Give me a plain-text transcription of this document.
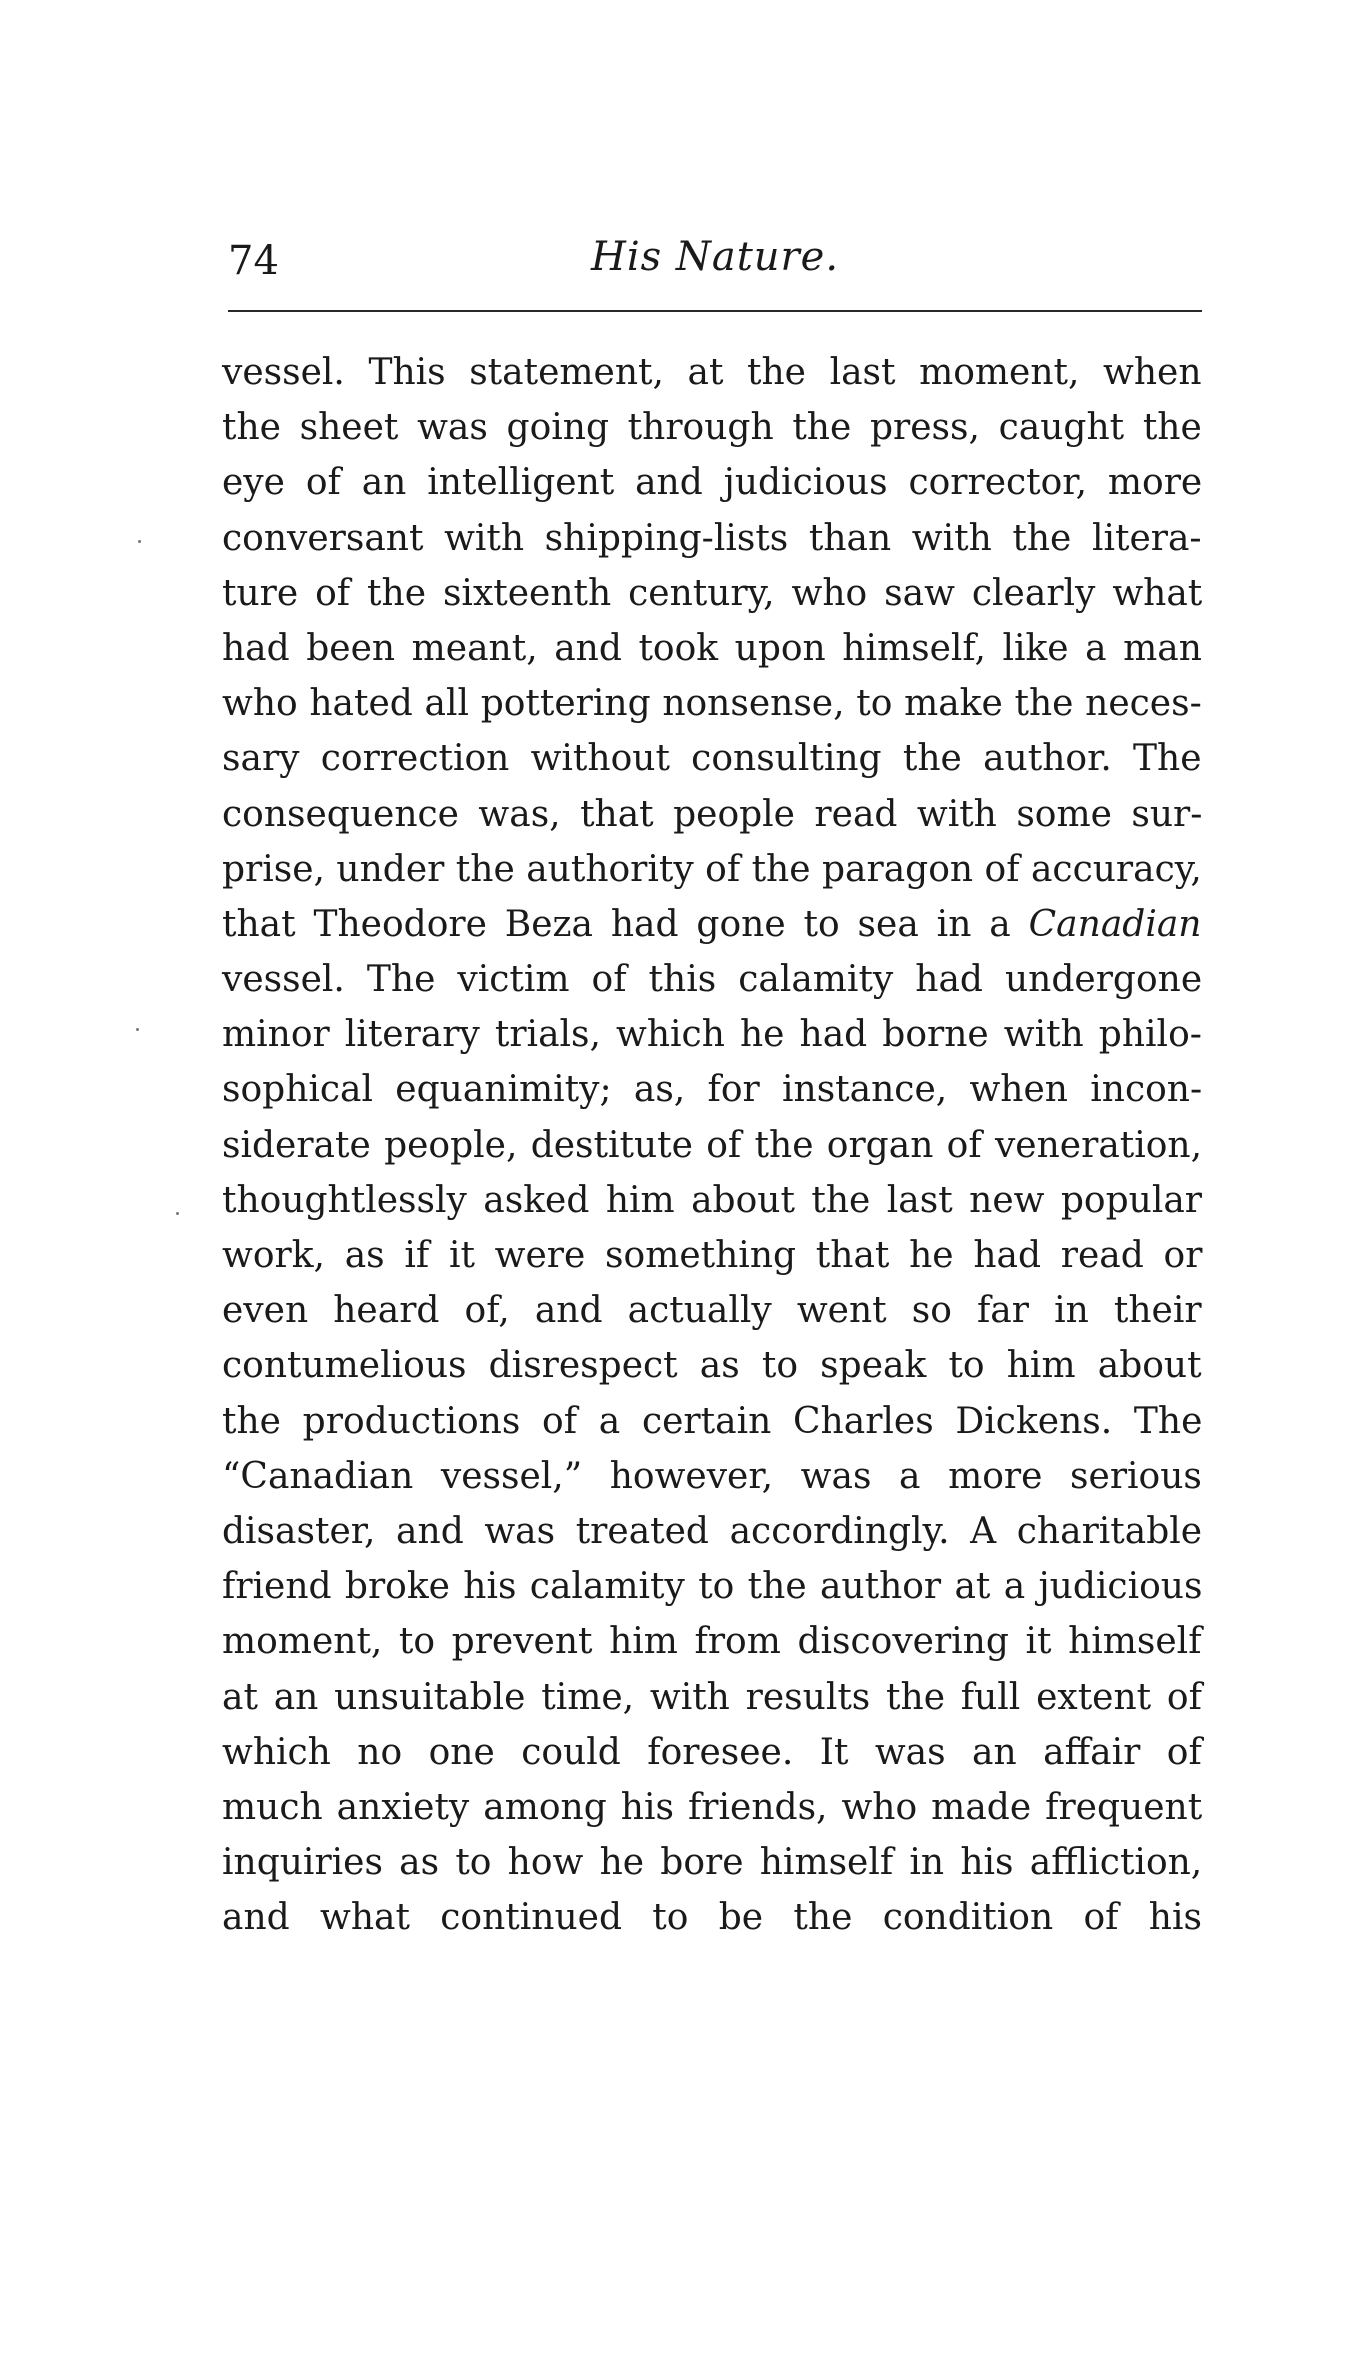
74	His Nature.
vessel. This statement, at the last moment, when
the sheet was going through the press, caught the
eye of an intelligent and judicious corrector, more
conversant with shipping-lists than with the litera-
ture of the sixteenth century, who saw clearly what
had been meant, and took upon himself, like a man
who hated all pottering nonsense, to make the neces-
sary correction without consulting the author. The
consequence was, that people read with some sur-
prise, under the authority of the paragon of accuracy,
that Theodore Beza had gone to sea in a Canadian
vessel. The victim of this calamity had undergone
minor literary trials, which he had borne with philo-
sophical equanimity; as, for instance, when incon-
siderate people, destitute of the organ of veneration,
thoughtlessly asked him about the last new popular
work, as if it were something that he had read or
even heard of, and actually went so far in their
contumelious disrespect as to speak to him about
the productions of a certain Charles Dickens. The
“Canadian vessel,” however, was a more serious
disaster, and was treated accordingly. A charitable
friend broke his calamity to the author at a judicious
moment, to prevent him from discovering it himself
at an unsuitable time, with results the full extent of
which no one could foresee. It was an affair of
much anxiety among his friends, who made frequent
inquiries as to how he bore himself in his affliction,
and what continued to be the condition of his
